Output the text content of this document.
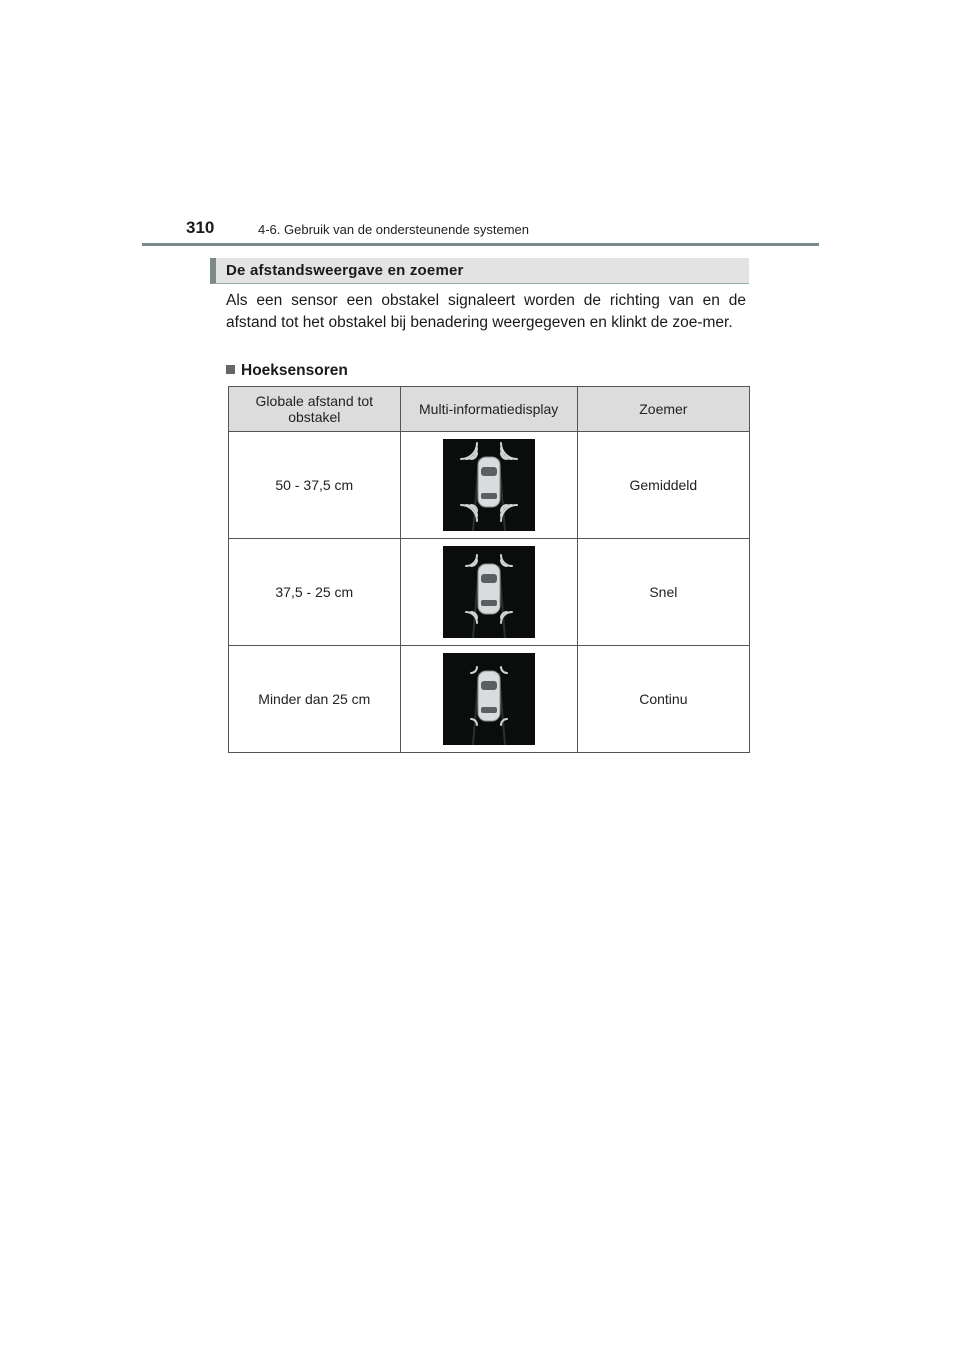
310	4-6. Gebruik van de ondersteunende systemen
De afstandsweergave en zoemer

Als een sensor een obstakel signaleert worden de richting van en de afstand tot het obstakel bij benadering weergegeven en klinkt de zoe-mer.

Hoeksensoren
Globale afstand tot obstakel	Multi-informatiedisplay	Zoemer
50 - 37,5 cm		Gemiddeld
37,5 - 25 cm		Snel
Minder dan 25 cm		Continu
